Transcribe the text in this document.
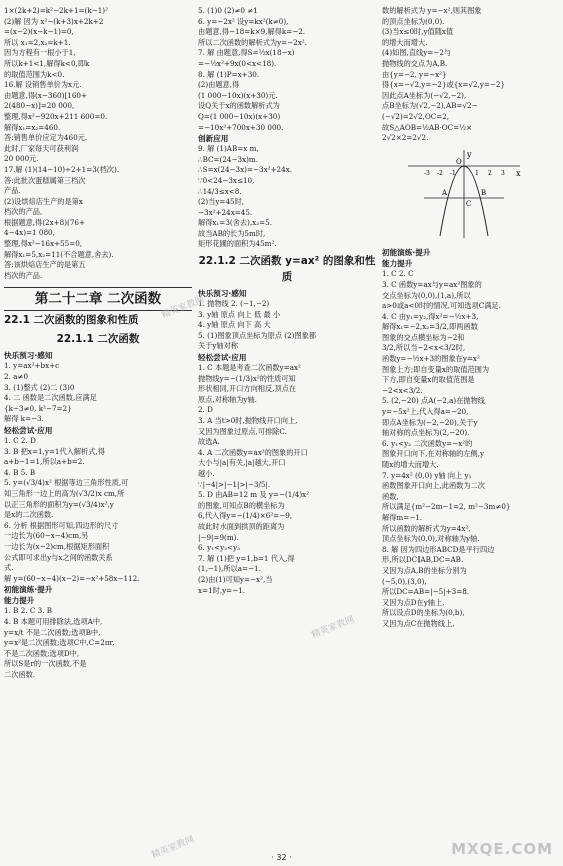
1×(2k+2)=k²−2k+1=(k−1)²
(2)解 因为 x²−(k+3)x+2k+2
=(x−2)(x−k−1)=0,
所以 x₁=2,x₂=k+1.
因为方程有一根小于1,
所以k+1<1,解得k<0,即k
的取值范围为k<0.
16.解 设销售单价为x元.
由题意,得(x−360)[160+
2(480−x)]=20 000,
整理,得x²−920x+211 600=0.
解得x₁=x₂=460.
答:销售单价应定为460元.
此时,厂家每天可获利润
20 000元.
17.解 (1)(14−10)÷2+1=3(档次).
答:此批次蛋糕属第三档次
产品.
(2)设烘焙店生产的是第x
档次的产品,
根据题意,得(2x+8)(76+
4−4x)=1 080,
整理,得x²−16x+55=0,
解得x₁=5,x₂=11(不合题意,舍去).
答:该烘焙店生产的是第五
档次的产品.
第二十二章 二次函数
22.1 二次函数的图象和性质
22.1.1 二次函数
快乐预习·感知
1. y=ax²+bx+c
2. a≠0
3. (1)整式 (2)二 (3)0
4. 二 函数是二次函数,应满足
{k−3≠0, k²−7=2}
解得 k=−3.
轻松尝试·应用
1. C 2. D
3. B 把x=1,y=1代入解析式,得
a+b−1=1,所以a+b=2.
4. B 5. B
5. y=(√3/4)x² 根据等边三角形性质,可
知三角形一边上的高为(√3/2)x cm,所
以正三角形的面积为y=(√3/4)x²,y
是x的二次函数.
6. 分析 根据图形可知,四边形的尺寸
一边长为(60−x−4)cm,另
一边长为(x−2)cm,根据矩形面积
公式即可求出y与x之间的函数关系
式.
解 y=(60−x−4)(x−2)=−x²+58x−112.
初能演练·提升
能力提升
1. B 2. C 3. B
4. B 本题可用排除法,选项A中,
y=x/t 不是二次函数;选项B中,
y=x²是二次函数;选项C中,C=2πr,
不是二次函数;选项D中,
所以S是r的一次函数,不是
二次函数.
5. (1)0 (2)≠0 ≠1
6. y=−2x² 设y=kx²(k≠0),
由题意,得−18=k×9,解得k=−2.
所以二次函数的解析式为y=−2x².
7. 解 由题意,得S=½x(18−x)
=−½x²+9x(0<x<18).
8. 解 (1)P=x+30.
(2)由题意,得
(1 000−10x)(x+30)元.
设Q关于x的函数解析式为
Q=(1 000−10x)(x+30)
=−10x²+700x+30 000.
创新应用
9. 解 (1)AB=x m,
∴BC=(24−3x)m.
∴S=x(24−3x)=−3x²+24x.
∵0<24−3x≤10,
∴14/3≤x<8.
(2)当y=45时,
−3x²+24x=45.
解得x₁=3(舍去),x₂=5.
故当AB的长为5m时,
矩形花圃的面积为45m².
22.1.2 二次函数 y=ax² 的图象和性质
快乐预习·感知
1. 抛物线 2. (−1,−2)
3. y轴 原点 向上 低 最 小
4. y轴 原点 向下 高 大
5. (1)图象顶点坐标为原点 (2)图象都
关于y轴对称
轻松尝试·应用
1. C 本题是考查二次函数y=ax²
抛物线y=−(1/3)x²的性质可知
形状相同,开口方向相反,顶点在
原点,对称轴为y轴.
2. D
3. A 当t>0时,抛物线开口向上,
又因为图象过原点,可排除C.
故选A.
4. A 二次函数y=ax²的图象的开口
大小与|a|有关,|a|越大,开口
越小.
∵|−4|>|−1|>|−3/5|.
5. D 由AB=12 m 及 y=−(1/4)x²
的图象,可知点B的横坐标为
6,代入得y=−(1/4)×6²=−9,
故此时水面到拱顶的距离为
|−9|=9(m).
6. y₁<y₂<y₃
7. 解 (1)把 y=1,b=1 代入,得
(1,−1),所以a=−1.
(2)由(1)可知y=−x²,当
x=1时,y=−1.
数的解析式为 y=−x²,则其图象
的顶点坐标为(0,0).
(3)当x≤0时,y值随x值
的增大而增大.
(4)如图,直线y=−2与
抛物线的交点为A,B.
由{y=−2, y=−x²}
得{x=−√2,y=−2}或{x=√2,y=−2}
因此点A坐标为(−√2,−2),
点B坐标为(√2,−2),AB=√2−
(−√2)=2√2,OC=2,
故S△AOB=½AB·OC=½×
2√2×2=2√2.
x
y
O
C
A	B
-3 -2 -1	1 2 3
初能演练·提升
能力提升
1. C 2. C
3. C 函数y=ax与y=ax²图象的
交点坐标为(0,0),(1,a),所以
a>0或a<0时的情况,可知选项C满足.
4. C 由y₁=y₂,得x²=−½x+3,
解得x₁=−2,x₂=3/2,即两函数
图象的交点横坐标为−2和
3/2,所以当−2<x<3/2时,
函数y=−½x+3的图象在y=x²
图象上方;即自变量x的取值范围为
下方,即自变量x的取值范围是
−2<x<3/2.
5. (2,−20) 点A(−2,a)在抛物线
y=−5x²上,代入得a=−20,
即点A坐标为(−2,−20),关于y
轴对称的点坐标为(2,−20).
6. y₁<y₂ 二次函数y=−x²的
图象开口向下,在对称轴的左侧,y
随x的增大而增大.
7. y=4x² (0,0) y轴 向上 y₁
函数图象开口向上,此函数为二次
函数,
所以满足{m²−2m−1=2, m²−3m≠0}
解得m=−1.
所以函数的解析式为y=4x²,
顶点坐标为(0,0),对称轴为y轴.
8. 解 因为四边形ABCD是平行四边
形,所以DC∥AB,DC=AB.
又因为点A,B的坐标分别为
(−5,0),(3,0),
所以DC=AB=|−5|+3=8.
又因为点D在y轴上,
所以设点D的坐标为(0,b),
又因为点C在抛物线上,
精英家教网
精英家教网
精英家教网
MXQE.COM
· 32 ·
